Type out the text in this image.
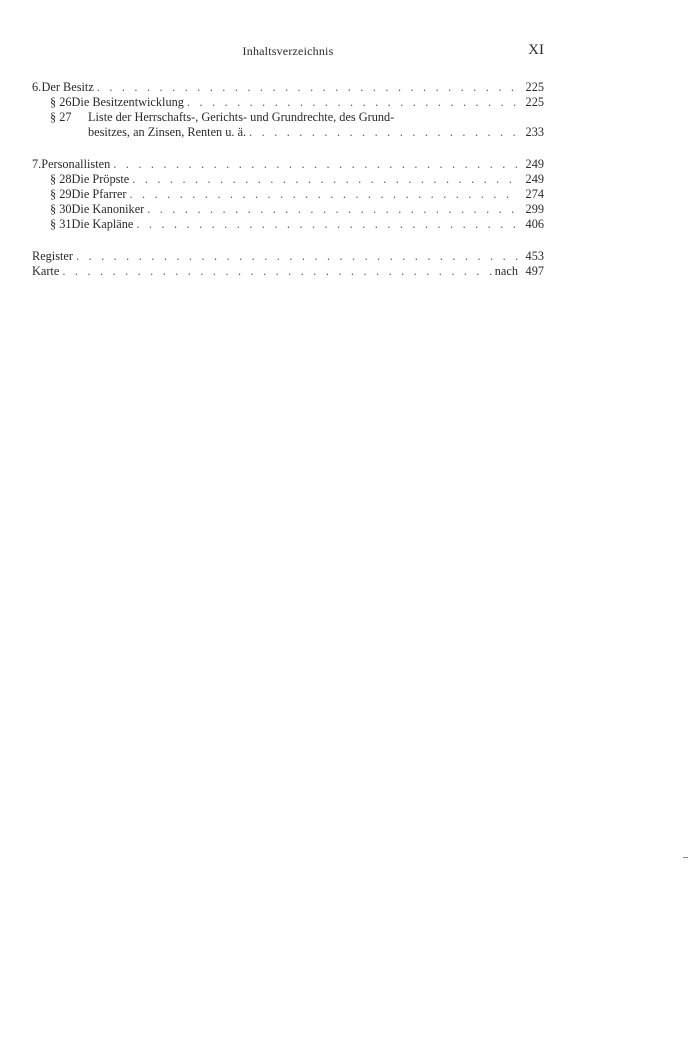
Inhaltsverzeichnis	XI
6. Der Besitz . . .	225
§ 26 Die Besitzentwicklung . . .	225
§ 27	Liste der Herrschafts-, Gerichts- und Grundrechte, des Grund-
besitzes, an Zinsen, Renten u. ä. . . .	233
7. Personallisten . . .	249
§ 28 Die Pröpste . . .	249
§ 29 Die Pfarrer . . .	274
§ 30 Die Kanoniker . . .	299
§ 31 Die Kapläne . . .	406
Register . . .	453
Karte . . .	nach 497
